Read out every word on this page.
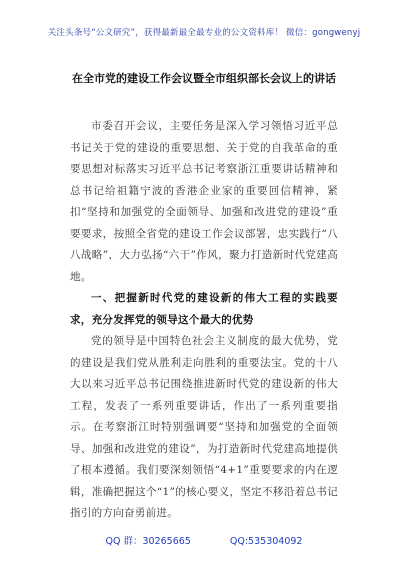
关注头条号“公文研究”，获得最新最全最专业的公文资料库！ 微信：gongwenyj
在全市党的建设工作会议暨全市组织部长会议上的讲话

市委召开会议，主要任务是深入学习领悟习近平总书记关于党的建设的重要思想、关于党的自我革命的重要思想对标落实习近平总书记考察浙江重要讲话精神和总书记给祖籍宁波的香港企业家的重要回信精神，紧扣“坚持和加强党的全面领导、加强和改进党的建设”重要要求，按照全省党的建设工作会议部署，忠实践行“八八战略”，大力弘扬“六干”作风，聚力打造新时代党建高地。

一、把握新时代党的建设新的伟大工程的实践要求，充分发挥党的领导这个最大的优势

党的领导是中国特色社会主义制度的最大优势，党的建设是我们党从胜利走向胜利的重要法宝。党的十八大以来习近平总书记围绕推进新时代党的建设新的伟大工程，发表了一系列重要讲话，作出了一系列重要指示。在考察浙江时特别强调要“坚持和加强党的全面领导、加强和改进党的建设”，为打造新时代党建高地提供了根本遵循。我们要深刻领悟“4+1”重要要求的内在逻辑，准确把握这个“1”的核心要义，坚定不移沿着总书记指引的方向奋勇前进。

QQ 群：30265665	QQ:535304092
